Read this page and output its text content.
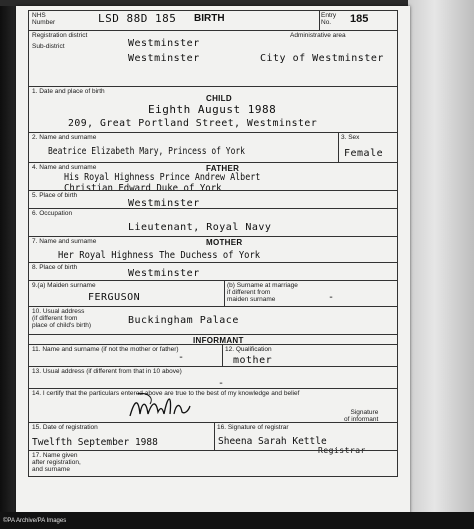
©PA Archive/PA Images
NHS
Number	LSD 88D 185 BIRTH	Entry
No.	185
Registration district
Westminster
Administrative area
Sub-district
Westminster	City of Westminster
1. Date and place of birth
CHILD
Eighth August 1988
209, Great Portland Street, Westminster
2. Name and surname
Beatrice Elizabeth Mary, Princess of York
3. Sex
Female
4. Name and surname	FATHER
His Royal Highness Prince Andrew Albert
Christian Edward Duke of York
5. Place of birth
Westminster
6. Occupation
Lieutenant, Royal Navy
7. Name and surname	MOTHER
Her Royal Highness The Duchess of York
8. Place of birth
Westminster
9.(a) Maiden surname
FERGUSON
(b) Surname at marriage
if different from
maiden surname	-
10. Usual address
(if different from
place of child's birth)	Buckingham Palace
INFORMANT
11. Name and surname (if not the mother or father)
-
12. Qualification
mother
13. Usual address (if different from that in 10 above)
-
14. I certify that the particulars entered above are true to the best of my knowledge and belief
Signature
of informant
15. Date of registration
Twelfth September 1988
16. Signature of registrar
Sheena Sarah Kettle
Registrar
17. Name given
after registration,
and surname
